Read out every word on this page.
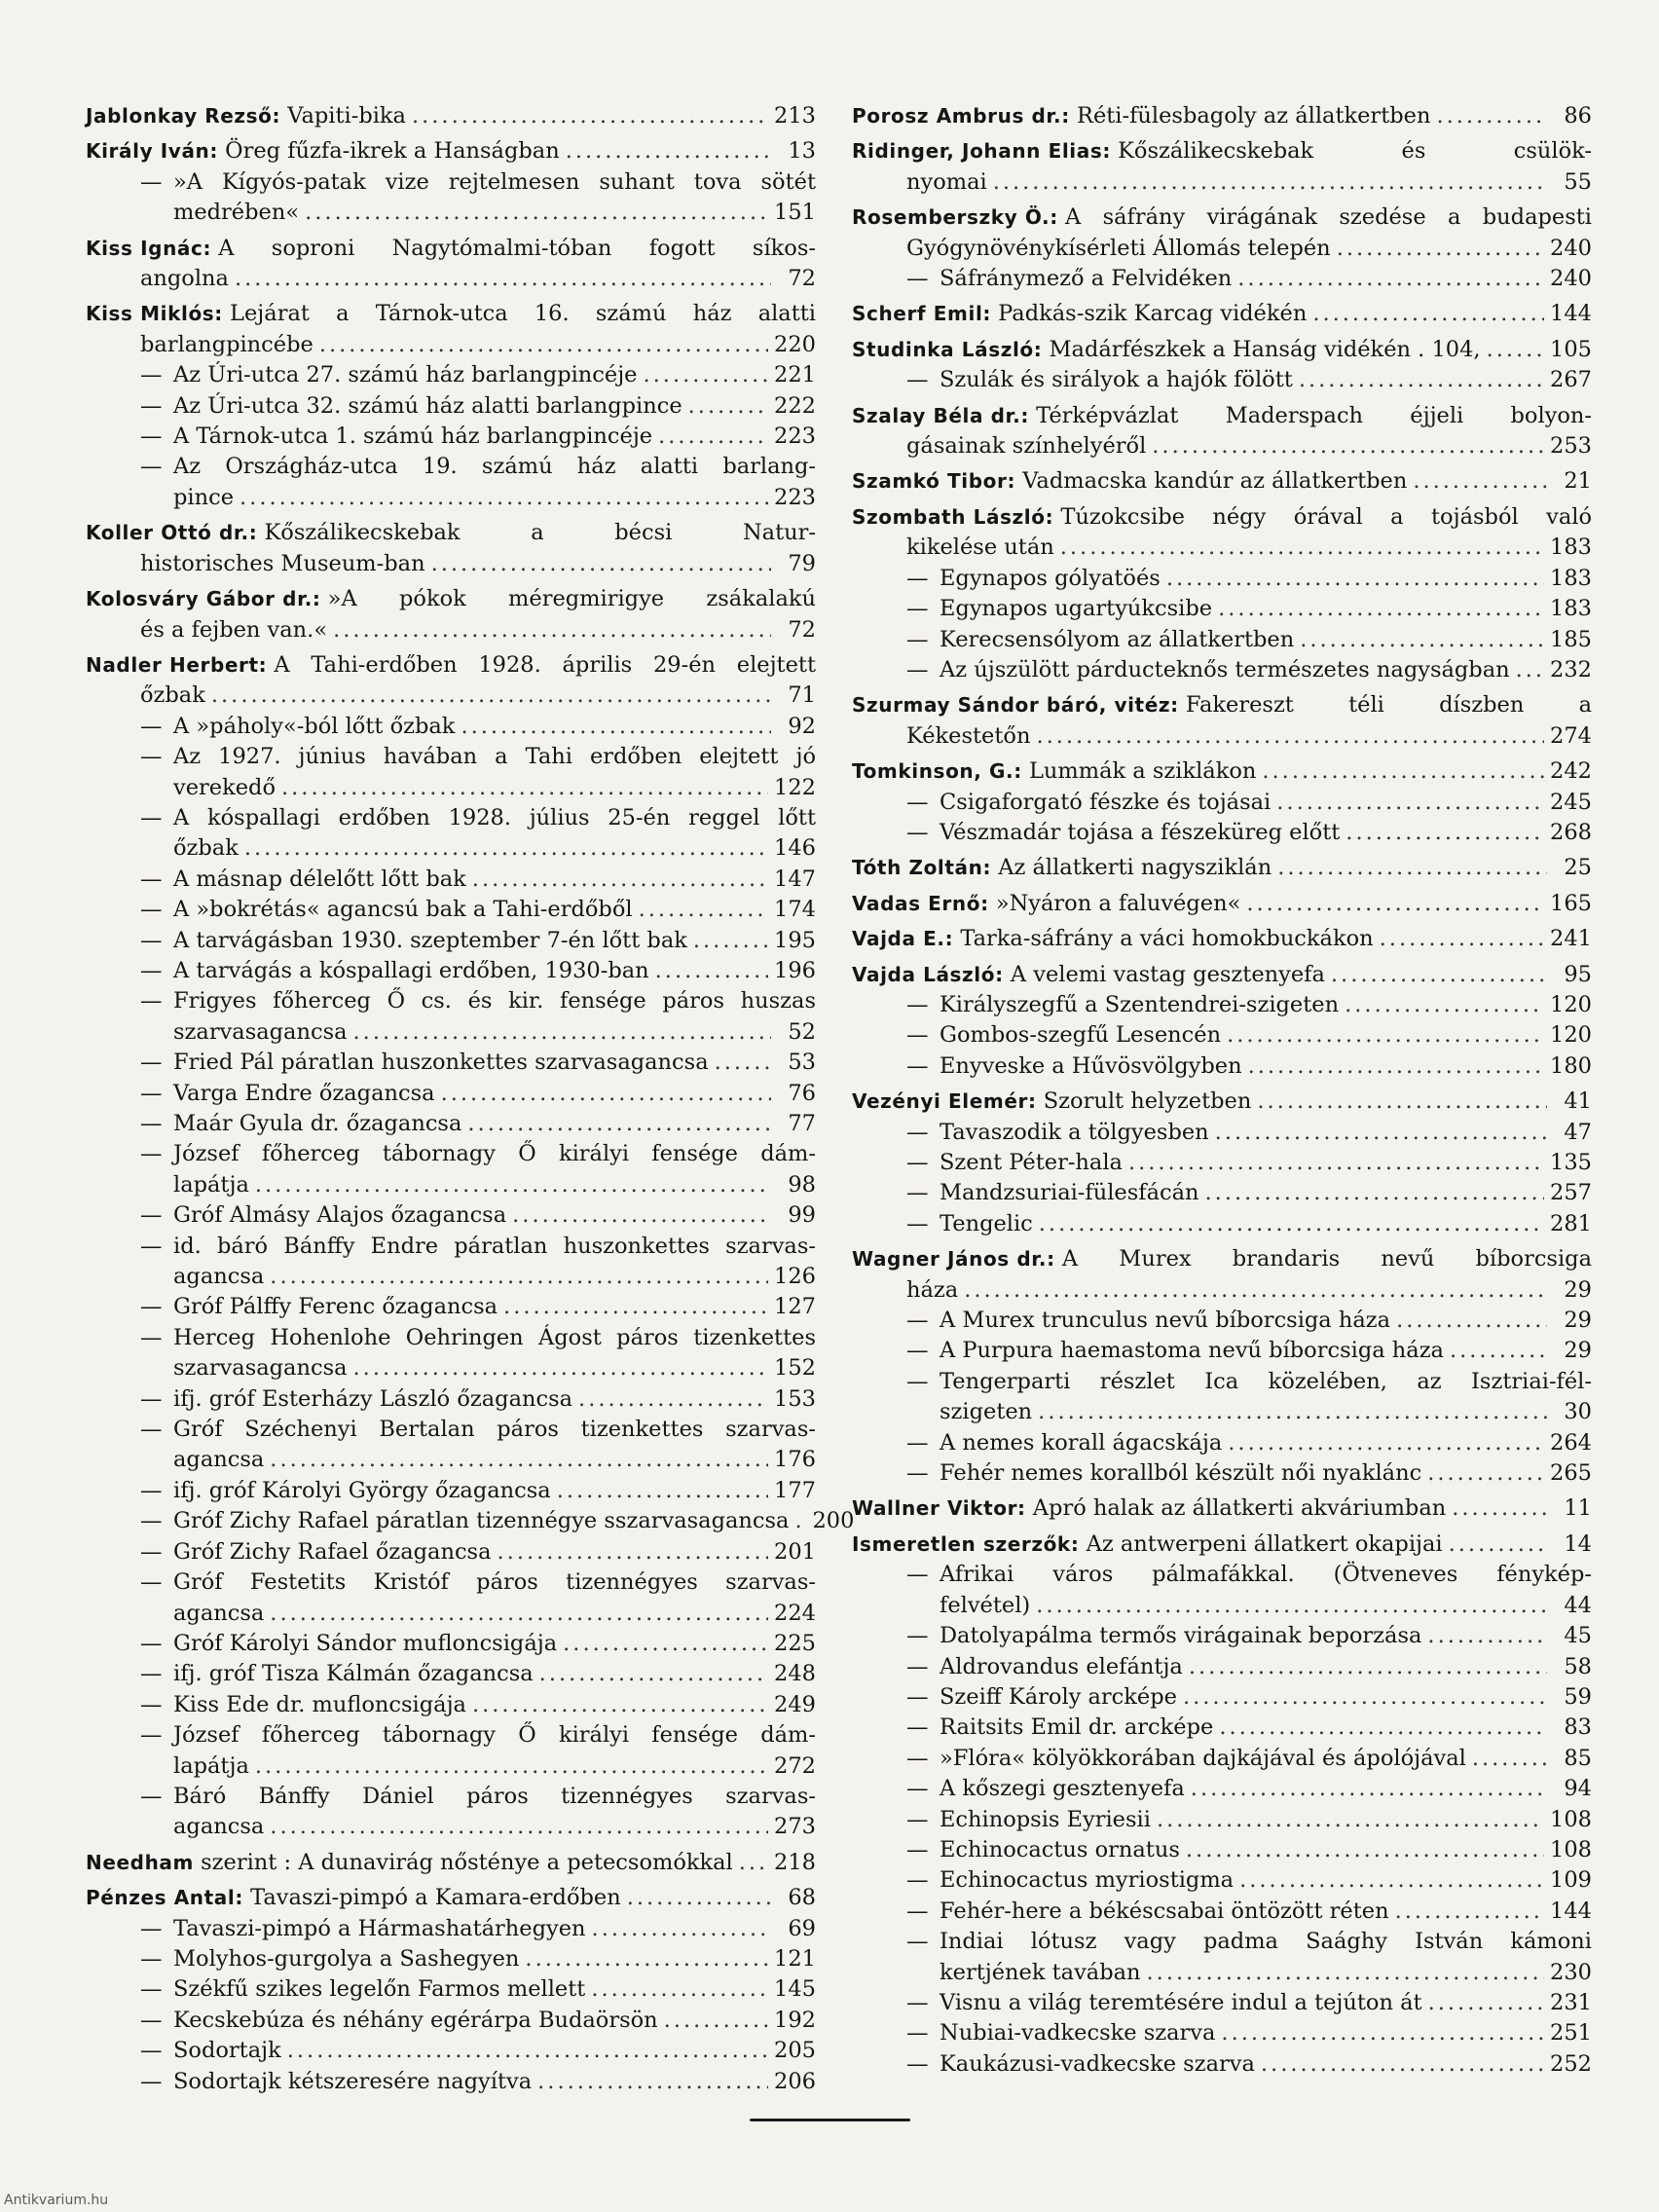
Jablonkay Rezső:
Vapiti-bika .....	213
Király Iván:
Öreg fűzfa-ikrek a Hanságban .....	13
— »A Kígyós-patak vize rejtelmesen suhant tova sötét
medrében« .....	151
Kiss Ignác:
A soproni Nagytómalmi-tóban fogott síkos-
angolna .....	72
Kiss Miklós:
Lejárat a Tárnok-utca 16. számú ház alatti
barlangpincébe .....	220
— Az Úri-utca 27. számú ház barlangpincéje .....	221
— Az Úri-utca 32. számú ház alatti barlangpince .....	222
— A Tárnok-utca 1. számú ház barlangpincéje .....	223
— Az Országház-utca 19. számú ház alatti barlang-
pince .....	223
Koller Ottó dr.:
Kőszálikecskebak a bécsi Natur-
historisches Museum-ban .....	79
Kolosváry Gábor dr.:
»A pókok méregmirigye zsákalakú
és a fejben van.« .....	72
Nadler Herbert:
A Tahi-erdőben 1928. április 29-én elejtett
őzbak .....	71
— A »páholy«-ból lőtt őzbak .....	92
— Az 1927. június havában a Tahi erdőben elejtett jó
verekedő .....	122
— A kóspallagi erdőben 1928. július 25-én reggel lőtt
őzbak .....	146
— A másnap délelőtt lőtt bak .....	147
— A »bokrétás« agancsú bak a Tahi-erdőből .....	174
— A tarvágásban 1930. szeptember 7-én lőtt bak .....	195
— A tarvágás a kóspallagi erdőben, 1930-ban .....	196
— Frigyes főherceg Ő cs. és kir. fensége páros huszas
szarvasagancsa .....	52
— Fried Pál páratlan huszonkettes szarvasagancsa .....	53
— Varga Endre őzagancsa .....	76
— Maár Gyula dr. őzagancsa .....	77
— József főherceg tábornagy Ő királyi fensége dám-
lapátja .....	98
— Gróf Almásy Alajos őzagancsa .....	99
— id. báró Bánffy Endre páratlan huszonkettes szarvas-
agancsa .....	126
— Gróf Pálffy Ferenc őzagancsa .....	127
— Herceg Hohenlohe Oehringen Ágost páros tizenkettes
szarvasagancsa .....	152
— ifj. gróf Esterházy László őzagancsa .....	153
— Gróf Széchenyi Bertalan páros tizenkettes szarvas-
agancsa .....	176
— ifj. gróf Károlyi György őzagancsa .....	177
— Gróf Zichy Rafael páratlan tizennégye sszarvasagancsa ..... 200
— Gróf Zichy Rafael őzagancsa .....	201
— Gróf Festetits Kristóf páros tizennégyes szarvas-
agancsa .....	224
— Gróf Károlyi Sándor mufloncsigája .....	225
— ifj. gróf Tisza Kálmán őzagancsa .....	248
— Kiss Ede dr. mufloncsigája .....	249
— József főherceg tábornagy Ő királyi fensége dám-
lapátja .....	272
— Báró Bánffy Dániel páros tizennégyes szarvas-
agancsa .....	273
Needham
szerint : A dunavirág nősténye a petecsomókkal ..... 218
Pénzes Antal:
Tavaszi-pimpó a Kamara-erdőben .....	68
— Tavaszi-pimpó a Hármashatárhegyen .....	69
— Molyhos-gurgolya a Sashegyen .....	121
— Székfű szikes legelőn Farmos mellett .....	145
— Kecskebúza és néhány egérárpa Budaörsön .....	192
— Sodortajk .....	205
— Sodortajk kétszeresére nagyítva .....	206
Porosz Ambrus dr.:
Réti-fülesbagoly az állatkertben .....	86
Ridinger, Johann Elias:
Kőszálikecskebak és csülök-
nyomai .....	55
Rosemberszky Ö.:
A sáfrány virágának szedése a budapesti
Gyógynövénykísérleti Állomás telepén .....	240
— Sáfránymező a Felvidéken .....	240
Scherf Emil:
Padkás-szik Karcag vidékén .....	144
Studinka László:
Madárfészkek a Hanság vidékén . 104, .....	105
— Szulák és sirályok a hajók fölött .....	267
Szalay Béla dr.:
Térképvázlat Maderspach éjjeli bolyon-
gásainak színhelyéről .....	253
Szamkó Tibor:
Vadmacska kandúr az állatkertben .....	21
Szombath László:
Túzokcsibe négy órával a tojásból való
kikelése után .....	183
— Egynapos gólyatöés .....	183
— Egynapos ugartyúkcsibe .....	183
— Kerecsensólyom az állatkertben .....	185
— Az újszülött párducteknős természetes nagyságban ..... 232
Szurmay Sándor báró, vitéz:
Fakereszt téli díszben a
Kékestetőn .....	274
Tomkinson, G.:
Lummák a sziklákon .....	242
— Csigaforgató fészke és tojásai .....	245
— Vészmadár tojása a fészeküreg előtt .....	268
Tóth Zoltán:
Az állatkerti nagysziklán .....	25
Vadas Ernő:
»Nyáron a faluvégen« .....	165
Vajda E.:
Tarka-sáfrány a váci homokbuckákon .....	241
Vajda László:
A velemi vastag gesztenyefa .....	95
— Királyszegfű a Szentendrei-szigeten .....	120
— Gombos-szegfű Lesencén .....	120
— Enyveske a Hűvösvölgyben .....	180
Vezényi Elemér:
Szorult helyzetben .....	41
— Tavaszodik a tölgyesben .....	47
— Szent Péter-hala .....	135
— Mandzsuriai-fülesfácán .....	257
— Tengelic .....	281
Wagner János dr.:
A Murex brandaris nevű bíborcsiga
háza .....	29
— A Murex trunculus nevű bíborcsiga háza .....	29
— A Purpura haemastoma nevű bíborcsiga háza .....	29
— Tengerparti részlet Ica közelében, az Isztriai-fél-
szigeten .....	30
— A nemes korall ágacskája .....	264
— Fehér nemes korallból készült női nyaklánc .....	265
Wallner Viktor:
Apró halak az állatkerti akváriumban .....	11
Ismeretlen szerzők:
Az antwerpeni állatkert okapijai .....	14
— Afrikai város pálmafákkal. (Ötveneves fénykép-
felvétel) .....	44
— Datolyapálma termős virágainak beporzása .....	45
— Aldrovandus elefántja .....	58
— Szeiff Károly arcképe .....	59
— Raitsits Emil dr. arcképe .....	83
— »Flóra« kölyökkorában dajkájával és ápolójával .....	85
— A kőszegi gesztenyefa .....	94
— Echinopsis Eyriesii .....	108
— Echinocactus ornatus .....	108
— Echinocactus myriostigma .....	109
— Fehér-here a békéscsabai öntözött réten .....	144
— Indiai lótusz vagy padma Saághy István kámoni
kertjének tavában .....	230
— Visnu a világ teremtésére indul a tejúton át .....	231
— Nubiai-vadkecske szarva .....	251
— Kaukázusi-vadkecske szarva .....	252
Antikvarium.hu
